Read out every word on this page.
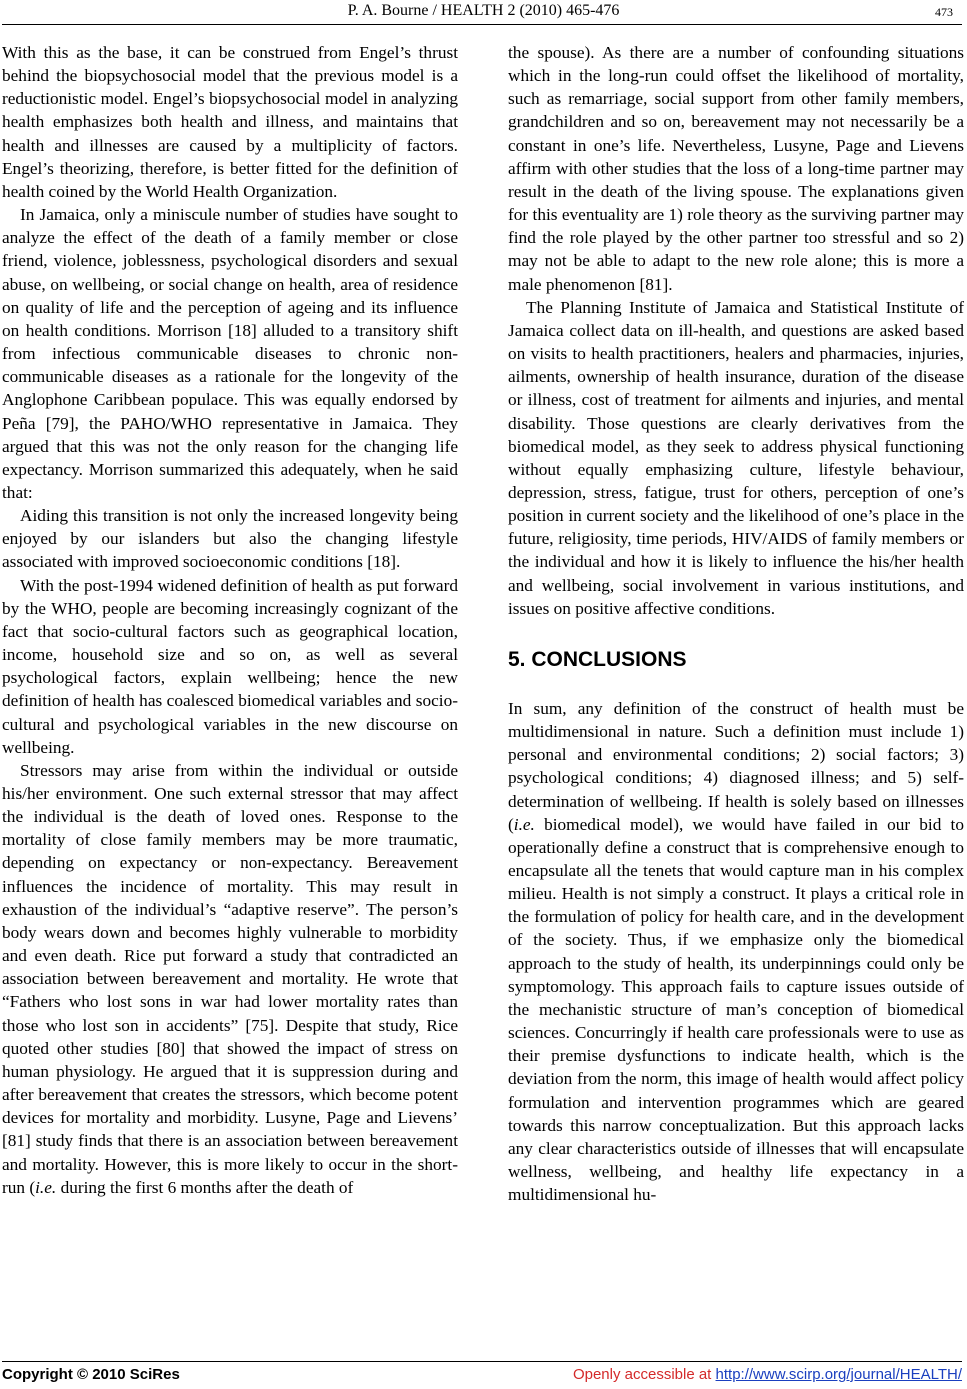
P. A. Bourne / HEALTH 2 (2010) 465-476	473

With this as the base, it can be construed from Engel’s thrust behind the biopsychosocial model that the previous model is a reductionistic model. Engel’s biopsychosocial model in analyzing health emphasizes both health and illness, and maintains that health and illnesses are caused by a multiplicity of factors. Engel’s theorizing, therefore, is better fitted for the definition of health coined by the World Health Organization.

In Jamaica, only a miniscule number of studies have sought to analyze the effect of the death of a family member or close friend, violence, joblessness, psychological disorders and sexual abuse, on wellbeing, or social change on health, area of residence on quality of life and the perception of ageing and its influence on health conditions. Morrison [18] alluded to a transitory shift from infectious communicable diseases to chronic non-communicable diseases as a rationale for the longevity of the Anglophone Caribbean populace. This was equally endorsed by Peña [79], the PAHO/WHO representative in Jamaica. They argued that this was not the only reason for the changing life expectancy. Morrison summarized this adequately, when he said that:

Aiding this transition is not only the increased longevity being enjoyed by our islanders but also the changing lifestyle associated with improved socioeconomic conditions [18].

With the post-1994 widened definition of health as put forward by the WHO, people are becoming increasingly cognizant of the fact that socio-cultural factors such as geographical location, income, household size and so on, as well as several psychological factors, explain wellbeing; hence the new definition of health has coalesced biomedical variables and socio-cultural and psychological variables in the new discourse on wellbeing.

Stressors may arise from within the individual or outside his/her environment. One such external stressor that may affect the individual is the death of loved ones. Response to the mortality of close family members may be more traumatic, depending on expectancy or non-expectancy. Bereavement influences the incidence of mortality. This may result in exhaustion of the individual’s “adaptive reserve”. The person’s body wears down and becomes highly vulnerable to morbidity and even death. Rice put forward a study that contradicted an association between bereavement and mortality. He wrote that “Fathers who lost sons in war had lower mortality rates than those who lost son in accidents” [75]. Despite that study, Rice quoted other studies [80] that showed the impact of stress on human physiology. He argued that it is suppression during and after bereavement that creates the stressors, which become potent devices for mortality and morbidity. Lusyne, Page and Lievens’ [81] study finds that there is an association between bereavement and mortality. However, this is more likely to occur in the short-run (i.e. during the first 6 months after the death of

the spouse). As there are a number of confounding situations which in the long-run could offset the likelihood of mortality, such as remarriage, social support from other family members, grandchildren and so on, bereavement may not necessarily be a constant in one’s life. Nevertheless, Lusyne, Page and Lievens affirm with other studies that the loss of a long-time partner may result in the death of the living spouse. The explanations given for this eventuality are 1) role theory as the surviving partner may find the role played by the other partner too stressful and so 2) may not be able to adapt to the new role alone; this is more a male phenomenon [81].

The Planning Institute of Jamaica and Statistical Institute of Jamaica collect data on ill-health, and questions are asked based on visits to health practitioners, healers and pharmacies, injuries, ailments, ownership of health insurance, duration of the disease or illness, cost of treatment for ailments and injuries, and mental disability. Those questions are clearly derivatives from the biomedical model, as they seek to address physical functioning without equally emphasizing culture, lifestyle behaviour, depression, stress, fatigue, trust for others, perception of one’s position in current society and the likelihood of one’s place in the future, religiosity, time periods, HIV/AIDS of family members or the individual and how it is likely to influence the his/her health and wellbeing, social involvement in various institutions, and issues on positive affective conditions.

5. CONCLUSIONS

In sum, any definition of the construct of health must be multidimensional in nature. Such a definition must include 1) personal and environmental conditions; 2) social factors; 3) psychological conditions; 4) diagnosed illness; and 5) self-determination of wellbeing. If health is solely based on illnesses (i.e. biomedical model), we would have failed in our bid to operationally define a construct that is comprehensive enough to encapsulate all the tenets that would capture man in his complex milieu. Health is not simply a construct. It plays a critical role in the formulation of policy for health care, and in the development of the society. Thus, if we emphasize only the biomedical approach to the study of health, its underpinnings could only be symptomology. This approach fails to capture issues outside of the mechanistic structure of man’s conception of biomedical sciences. Concurringly if health care professionals were to use as their premise dysfunctions to indicate health, which is the deviation from the norm, this image of health would affect policy formulation and intervention programmes which are geared towards this narrow conceptualization. But this approach lacks any clear characteristics outside of illnesses that will encapsulate wellness, wellbeing, and healthy life expectancy in a multidimensional hu-

Copyright © 2010 SciRes	Openly accessible at http://www.scirp.org/journal/HEALTH/
